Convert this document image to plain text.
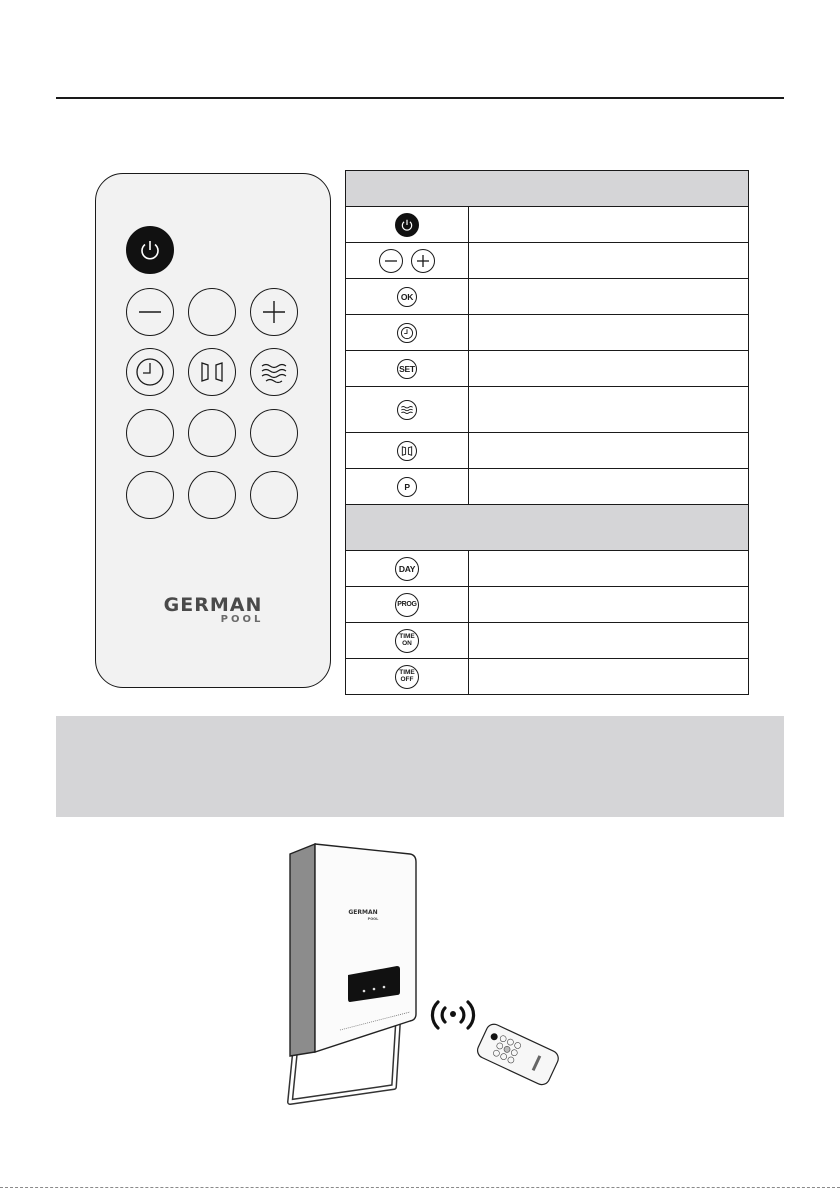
GERMAN
POOL
OK
SET
P
DAY
PROG
TIME
ON
TIME
OFF
GERMAN
POOL
